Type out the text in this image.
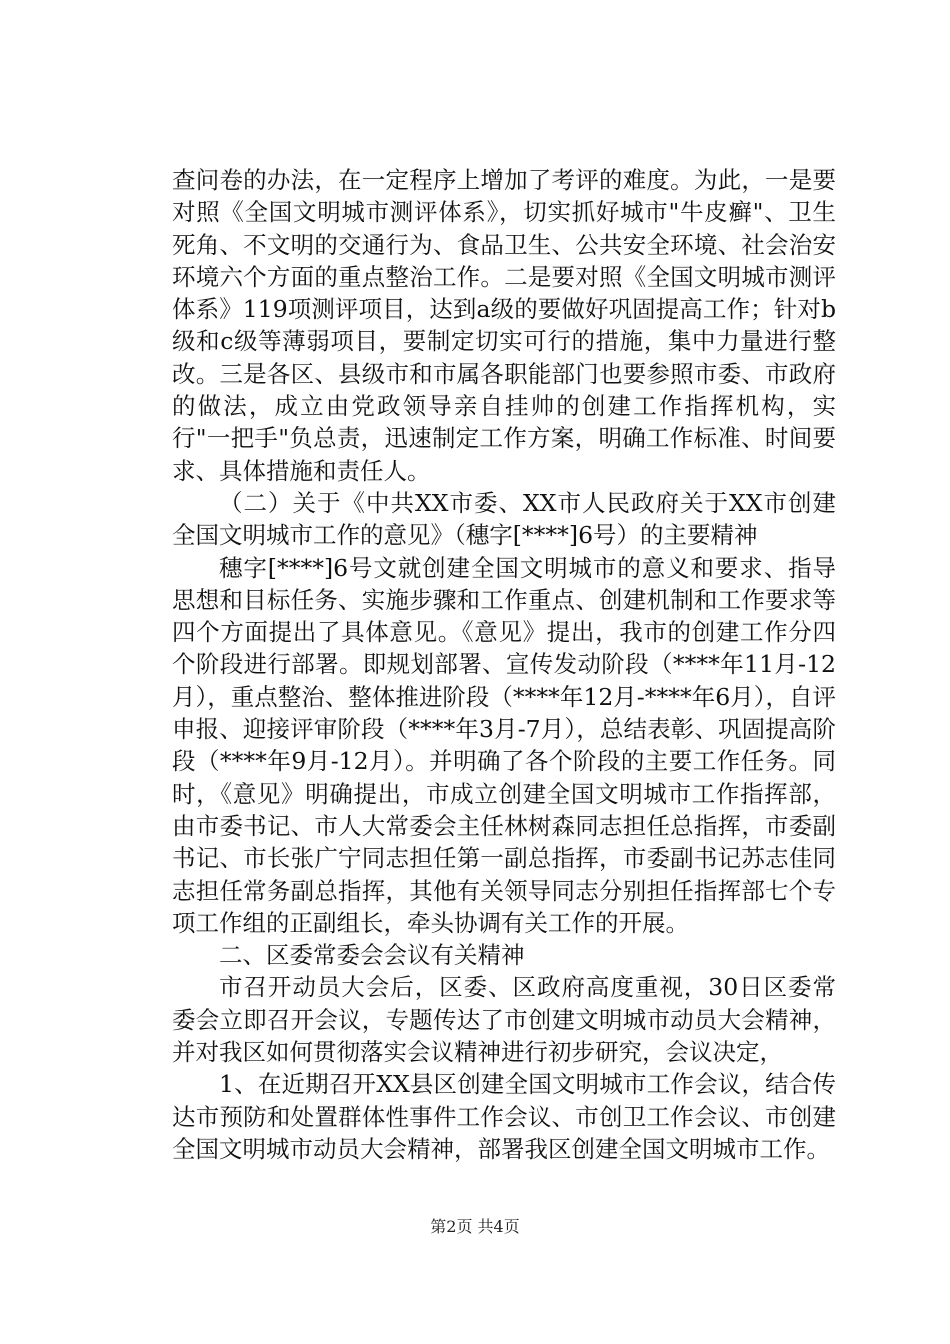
查问卷的办法，在一定程序上增加了考评的难度。为此，一是要对照《全国文明城市测评体系》，切实抓好城市"牛皮癣"、卫生死角、不文明的交通行为、食品卫生、公共安全环境、社会治安环境六个方面的重点整治工作。二是要对照《全国文明城市测评体系》119项测评项目，达到a级的要做好巩固提高工作；针对b级和c级等薄弱项目，要制定切实可行的措施，集中力量进行整改。三是各区、县级市和市属各职能部门也要参照市委、市政府的做法，成立由党政领导亲自挂帅的创建工作指挥机构，实行"一把手"负总责，迅速制定工作方案，明确工作标准、时间要求、具体措施和责任人。

（二）关于《中共XX市委、XX市人民政府关于XX市创建全国文明城市工作的意见》（穗字[****]6号）的主要精神

穗字[****]6号文就创建全国文明城市的意义和要求、指导思想和目标任务、实施步骤和工作重点、创建机制和工作要求等四个方面提出了具体意见。《意见》提出，我市的创建工作分四个阶段进行部署。即规划部署、宣传发动阶段（****年11月-12月），重点整治、整体推进阶段（****年12月-****年6月），自评申报、迎接评审阶段（****年3月-7月），总结表彰、巩固提高阶段（****年9月-12月）。并明确了各个阶段的主要工作任务。同时，《意见》明确提出，市成立创建全国文明城市工作指挥部，由市委书记、市人大常委会主任林树森同志担任总指挥，市委副书记、市长张广宁同志担任第一副总指挥，市委副书记苏志佳同志担任常务副总指挥，其他有关领导同志分别担任指挥部七个专项工作组的正副组长，牵头协调有关工作的开展。

二、区委常委会会议有关精神

市召开动员大会后，区委、区政府高度重视，30日区委常委会立即召开会议，专题传达了市创建文明城市动员大会精神，并对我区如何贯彻落实会议精神进行初步研究，会议决定，

1、在近期召开XX县区创建全国文明城市工作会议，结合传达市预防和处置群体性事件工作会议、市创卫工作会议、市创建全国文明城市动员大会精神，部署我区创建全国文明城市工作。

第2页 共4页
